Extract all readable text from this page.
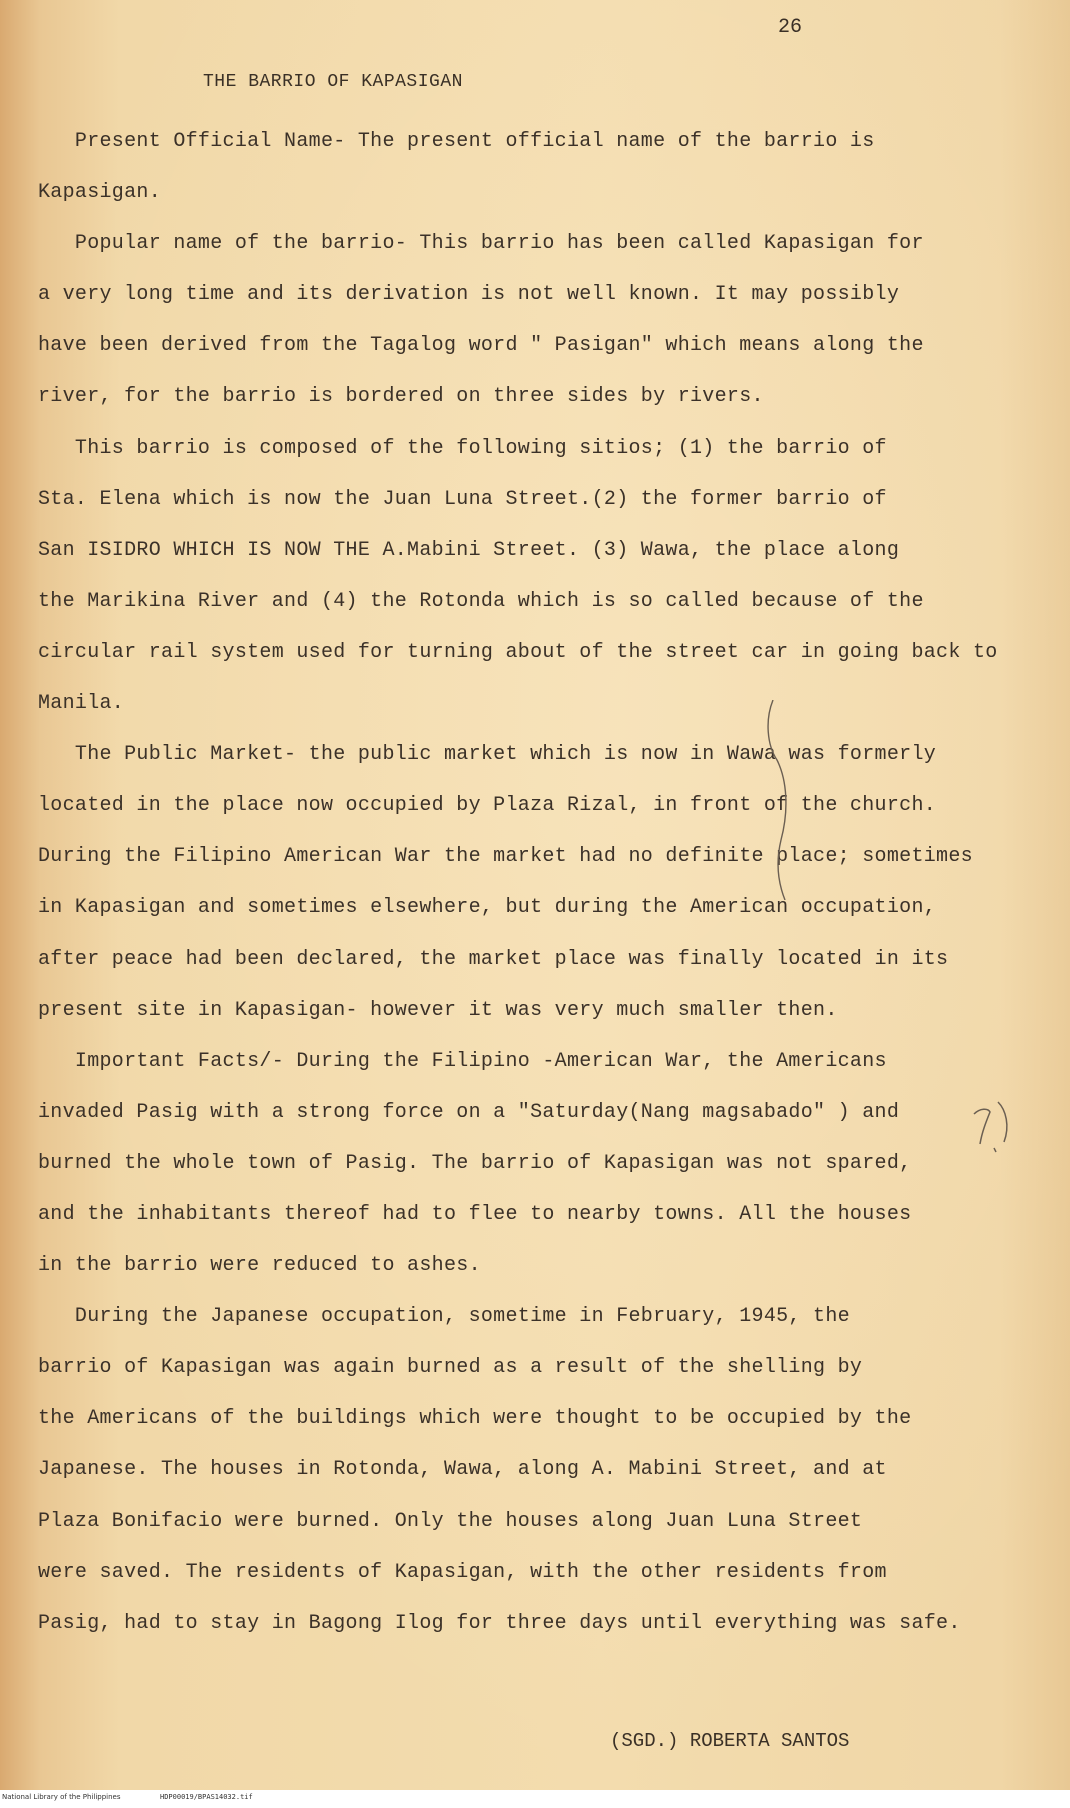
26
THE BARRIO OF KAPASIGAN

Present Official Name- The present official name of the barrio is

Kapasigan.

Popular name of the barrio- This barrio has been called Kapasigan for

a very long time and its derivation is not well known. It may possibly

have been derived from the Tagalog word " Pasigan" which means along the

river, for the barrio is bordered on three sides by rivers.

This barrio is composed of the following sitios; (1) the barrio of

Sta. Elena which is now the Juan Luna Street.(2) the former barrio of

San ISIDRO WHICH IS NOW THE A.Mabini Street. (3) Wawa, the place along

the Marikina River and (4) the Rotonda which is so called because of the

circular rail system used for turning about of the street car in going back to

Manila.

The Public Market- the public market which is now in Wawa was formerly

located in the place now occupied by Plaza Rizal, in front of the church.

During the Filipino American War the market had no definite place; sometimes

in Kapasigan and sometimes elsewhere, but during the American occupation,

after peace had been declared, the market place was finally located in its

present site in Kapasigan- however it was very much smaller then.

Important Facts/- During the Filipino -American War, the Americans

invaded Pasig with a strong force on a "Saturday(Nang magsabado" ) and

burned the whole town of Pasig. The barrio of Kapasigan was not spared,

and the inhabitants thereof had to flee to nearby towns. All the houses

in the barrio were reduced to ashes.

During the Japanese occupation, sometime in February, 1945, the

barrio of Kapasigan was again burned as a result of the shelling by

the Americans of the buildings which were thought to be occupied by the

Japanese. The houses in Rotonda, Wawa, along A. Mabini Street, and at

Plaza Bonifacio were burned. Only the houses along Juan Luna Street

were saved. The residents of Kapasigan, with the other residents from

Pasig, had to stay in Bagong Ilog for three days until everything was safe.

(SGD.) ROBERTA SANTOS
National Library of the Philippines	HDP00019/BPAS14032.tif
